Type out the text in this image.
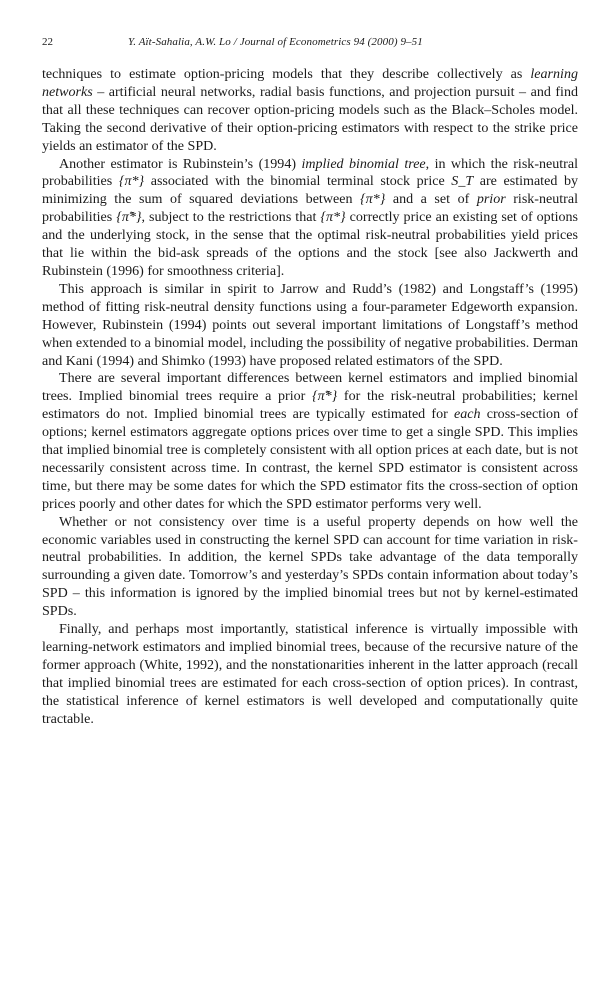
22	Y. Aït-Sahalia, A.W. Lo / Journal of Econometrics 94 (2000) 9–51

techniques to estimate option-pricing models that they describe collectively as learning networks – artificial neural networks, radial basis functions, and projection pursuit – and find that all these techniques can recover option-pricing models such as the Black–Scholes model. Taking the second derivative of their option-pricing estimators with respect to the strike price yields an estimator of the SPD.

Another estimator is Rubinstein’s (1994) implied binomial tree, in which the risk-neutral probabilities {π*} associated with the binomial terminal stock price S_T are estimated by minimizing the sum of squared deviations between {π*} and a set of prior risk-neutral probabilities {π̃*}, subject to the restrictions that {π*} correctly price an existing set of options and the underlying stock, in the sense that the optimal risk-neutral probabilities yield prices that lie within the bid-ask spreads of the options and the stock [see also Jackwerth and Rubinstein (1996) for smoothness criteria].

This approach is similar in spirit to Jarrow and Rudd’s (1982) and Longstaff’s (1995) method of fitting risk-neutral density functions using a four-parameter Edgeworth expansion. However, Rubinstein (1994) points out several important limitations of Longstaff’s method when extended to a binomial model, including the possibility of negative probabilities. Derman and Kani (1994) and Shimko (1993) have proposed related estimators of the SPD.

There are several important differences between kernel estimators and implied binomial trees. Implied binomial trees require a prior {π̃*} for the risk-neutral probabilities; kernel estimators do not. Implied binomial trees are typically estimated for each cross-section of options; kernel estimators aggregate options prices over time to get a single SPD. This implies that implied binomial tree is completely consistent with all option prices at each date, but is not necessarily consistent across time. In contrast, the kernel SPD estimator is consistent across time, but there may be some dates for which the SPD estimator fits the cross-section of option prices poorly and other dates for which the SPD estimator performs very well.

Whether or not consistency over time is a useful property depends on how well the economic variables used in constructing the kernel SPD can account for time variation in risk-neutral probabilities. In addition, the kernel SPDs take advantage of the data temporally surrounding a given date. Tomorrow’s and yesterday’s SPDs contain information about today’s SPD – this information is ignored by the implied binomial trees but not by kernel-estimated SPDs.

Finally, and perhaps most importantly, statistical inference is virtually impossible with learning-network estimators and implied binomial trees, because of the recursive nature of the former approach (White, 1992), and the nonstationarities inherent in the latter approach (recall that implied binomial trees are estimated for each cross-section of option prices). In contrast, the statistical inference of kernel estimators is well developed and computationally quite tractable.
